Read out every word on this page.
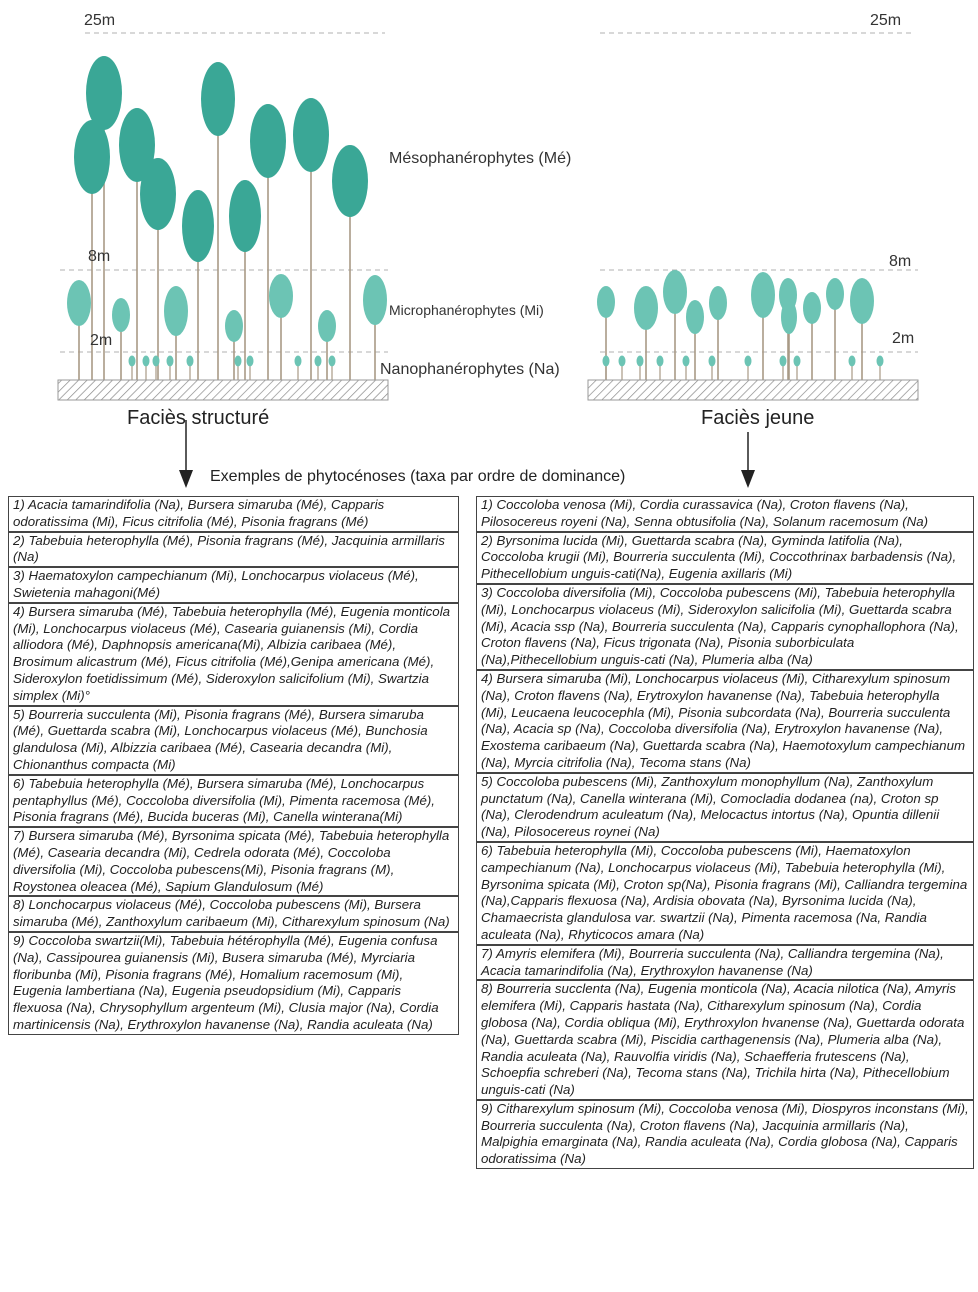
25m	25m
8m	8m
2m	2m
Mésophanérophytes (Mé)
Microphanérophytes (Mi)
Nanophanérophytes (Na)
Faciès structuré	Faciès jeune
Exemples de phytocénoses (taxa par ordre de dominance)
1) Acacia tamarindifolia (Na), Bursera simaruba (Mé), Capparis odoratissima (Mi), Ficus citrifolia (Mé), Pisonia fragrans (Mé)
2) Tabebuia heterophylla (Mé), Pisonia fragrans (Mé), Jacquinia armillaris (Na)
3) Haematoxylon campechianum (Mi), Lonchocarpus violaceus (Mé), Swietenia mahagoni(Mé)
4) Bursera simaruba (Mé), Tabebuia heterophylla (Mé), Eugenia monticola (Mi), Lonchocarpus violaceus (Mé), Casearia guianensis (Mi), Cordia alliodora (Mé), Daphnopsis americana(Mi), Albizia caribaea (Mé), Brosimum alicastrum (Mé), Ficus citrifolia (Mé),Genipa americana (Mé), Sideroxylon foetidissimum (Mé), Sideroxylon salicifolium (Mi), Swartzia simplex (Mi)°
5) Bourreria succulenta (Mi), Pisonia fragrans (Mé), Bursera simaruba (Mé), Guettarda scabra (Mi), Lonchocarpus violaceus (Mé), Bunchosia glandulosa (Mi), Albizzia caribaea (Mé), Casearia decandra (Mi), Chionanthus compacta (Mi)
6) Tabebuia heterophylla (Mé), Bursera simaruba (Mé), Lonchocarpus pentaphyllus (Mé), Coccoloba diversifolia (Mi), Pimenta racemosa (Mé), Pisonia fragrans (Mé), Bucida buceras (Mi), Canella winterana(Mi)
7) Bursera simaruba (Mé), Byrsonima spicata (Mé), Tabebuia heterophylla (Mé), Casearia decandra (Mi), Cedrela odorata (Mé), Coccoloba diversifolia (Mi), Coccoloba pubescens(Mi), Pisonia fragrans (M), Roystonea oleacea (Mé), Sapium Glandulosum (Mé)
8) Lonchocarpus violaceus (Mé), Coccoloba pubescens (Mi), Bursera simaruba (Mé), Zanthoxylum caribaeum (Mi), Citharexylum spinosum (Na)
9) Coccoloba swartzii(Mi), Tabebuia hétérophylla (Mé), Eugenia confusa (Na), Cassipourea guianensis (Mi), Busera simaruba (Mé), Myrciaria floribunba (Mi), Pisonia fragrans (Mé), Homalium racemosum (Mi), Eugenia lambertiana (Na), Eugenia pseudopsidium (Mi), Capparis flexuosa (Na), Chrysophyllum argenteum (Mi), Clusia major (Na), Cordia martinicensis (Na), Erythroxylon havanense (Na), Randia aculeata (Na)
1) Coccoloba venosa (Mi), Cordia curassavica (Na), Croton flavens (Na), Pilosocereus royeni (Na), Senna obtusifolia (Na), Solanum racemosum (Na)
2) Byrsonima lucida (Mi), Guettarda scabra (Na), Gyminda latifolia (Na), Coccoloba krugii (Mi), Bourreria succulenta (Mi), Coccothrinax barbadensis (Na), Pithecellobium unguis-cati(Na), Eugenia axillaris (Mi)
3) Coccoloba diversifolia (Mi), Coccoloba pubescens (Mi), Tabebuia heterophylla (Mi), Lonchocarpus violaceus (Mi), Sideroxylon salicifolia (Mi), Guettarda scabra (Mi), Acacia ssp (Na), Bourreria succulenta (Na), Capparis cynophallophora (Na), Croton flavens (Na), Ficus trigonata (Na), Pisonia suborbiculata (Na),Pithecellobium unguis-cati (Na), Plumeria alba (Na)
4) Bursera simaruba (Mi), Lonchocarpus violaceus (Mi), Citharexylum spinosum (Na), Croton flavens (Na), Erytroxylon havanense (Na), Tabebuia heterophylla (Mi), Leucaena leucocephla (Mi), Pisonia subcordata (Na), Bourreria succulenta (Na), Acacia sp (Na), Coccoloba diversifolia (Na), Erytroxylon havanense (Na), Exostema caribaeum (Na), Guettarda scabra (Na), Haemotoxylum campechianum (Na), Myrcia citrifolia (Na), Tecoma stans (Na)
5) Coccoloba pubescens (Mi), Zanthoxylum monophyllum (Na), Zanthoxylum punctatum (Na), Canella winterana (Mi), Comocladia dodanea (na), Croton sp (Na), Clerodendrum aculeatum (Na), Melocactus intortus (Na), Opuntia dillenii (Na), Pilosocereus roynei (Na)
6) Tabebuia heterophylla (Mi), Coccoloba pubescens (Mi), Haematoxylon campechianum (Na), Lonchocarpus violaceus (Mi), Tabebuia heterophylla (Mi), Byrsonima spicata (Mi), Croton sp(Na), Pisonia fragrans (Mi), Calliandra tergemina (Na),Capparis flexuosa (Na), Ardisia obovata (Na), Byrsonima lucida (Na), Chamaecrista glandulosa var. swartzii (Na), Pimenta racemosa (Na, Randia aculeata (Na), Rhyticocos amara (Na)
7) Amyris elemifera (Mi), Bourreria succulenta (Na), Calliandra tergemina (Na), Acacia tamarindifolia (Na), Erythroxylon havanense (Na)
8) Bourreria succlenta (Na), Eugenia monticola (Na), Acacia nilotica (Na), Amyris elemifera (Mi), Capparis hastata (Na), Citharexylum spinosum (Na), Cordia globosa (Na), Cordia obliqua (Mi), Erythroxylon hvanense (Na), Guettarda odorata (Na), Guettarda scabra (Mi), Piscidia carthagenensis (Na), Plumeria alba (Na), Randia aculeata (Na), Rauvolfia viridis (Na), Schaefferia frutescens (Na), Schoepfia schreberi (Na), Tecoma stans (Na), Trichila hirta (Na), Pithecellobium unguis-cati (Na)
9) Citharexylum spinosum (Mi), Coccoloba venosa (Mi), Diospyros inconstans (Mi), Bourreria succulenta (Na), Croton flavens (Na), Jacquinia armillaris (Na), Malpighia emarginata (Na), Randia aculeata (Na), Cordia globosa (Na), Capparis odoratissima (Na)
